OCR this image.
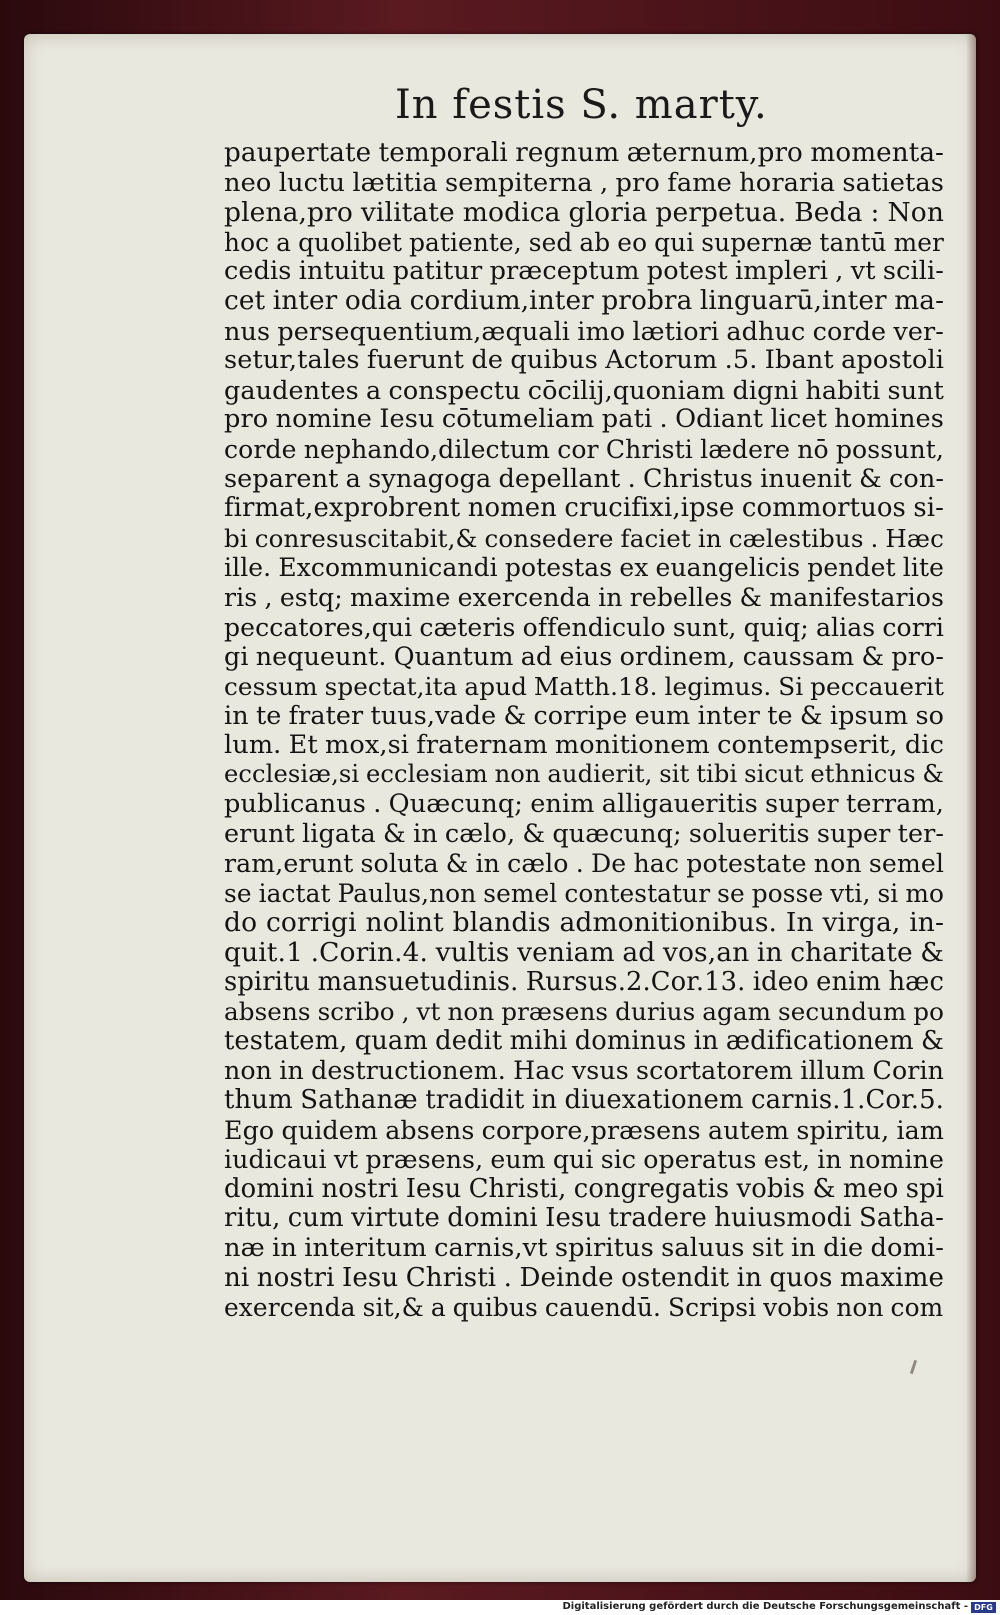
In festis S. marty.
paupertate temporali regnum æternum,pro momenta-
neo luctu lætitia sempiterna , pro fame horaria satietas
plena,pro vilitate modica gloria perpetua. Beda : Non
hoc a quolibet patiente, sed ab eo qui supernæ tantū mer
cedis intuitu patitur præceptum potest impleri , vt scili-
cet inter odia cordium,inter probra linguarū,inter ma-
nus persequentium,æquali imo lætiori adhuc corde ver-
setur,tales fuerunt de quibus Actorum .5. Ibant apostoli
gaudentes a conspectu cōcilij,quoniam digni habiti sunt
pro nomine Iesu cōtumeliam pati . Odiant licet homines
corde nephando,dilectum cor Christi lædere nō possunt,
separent a synagoga depellant . Christus inuenit & con-
firmat,exprobrent nomen crucifixi,ipse commortuos si-
bi conresuscitabit,& consedere faciet in cælestibus . Hæc
ille. Excommunicandi potestas ex euangelicis pendet lite
ris , estq; maxime exercenda in rebelles & manifestarios
peccatores,qui cæteris offendiculo sunt, quiq; alias corri
gi nequeunt. Quantum ad eius ordinem, caussam & pro-
cessum spectat,ita apud Matth.18. legimus. Si peccauerit
in te frater tuus,vade & corripe eum inter te & ipsum so
lum. Et mox,si fraternam monitionem contempserit, dic
ecclesiæ,si ecclesiam non audierit, sit tibi sicut ethnicus &
publicanus . Quæcunq; enim alligaueritis super terram,
erunt ligata & in cælo, & quæcunq; solueritis super ter-
ram,erunt soluta & in cælo . De hac potestate non semel
se iactat Paulus,non semel contestatur se posse vti, si mo
do corrigi nolint blandis admonitionibus. In virga, in-
quit.1 .Corin.4. vultis veniam ad vos,an in charitate &
spiritu mansuetudinis. Rursus.2.Cor.13. ideo enim hæc
absens scribo , vt non præsens durius agam secundum po
testatem, quam dedit mihi dominus in ædificationem &
non in destructionem. Hac vsus scortatorem illum Corin
thum Sathanæ tradidit in diuexationem carnis.1.Cor.5.
Ego quidem absens corpore,præsens autem spiritu, iam
iudicaui vt præsens, eum qui sic operatus est, in nomine
domini nostri Iesu Christi, congregatis vobis & meo spi
ritu, cum virtute domini Iesu tradere huiusmodi Satha-
næ in interitum carnis,vt spiritus saluus sit in die domi-
ni nostri Iesu Christi . Deinde ostendit in quos maxime
exercenda sit,& a quibus cauendū. Scripsi vobis non com
Digitalisierung gefördert durch die Deutsche Forschungsgemeinschaft - DFG
